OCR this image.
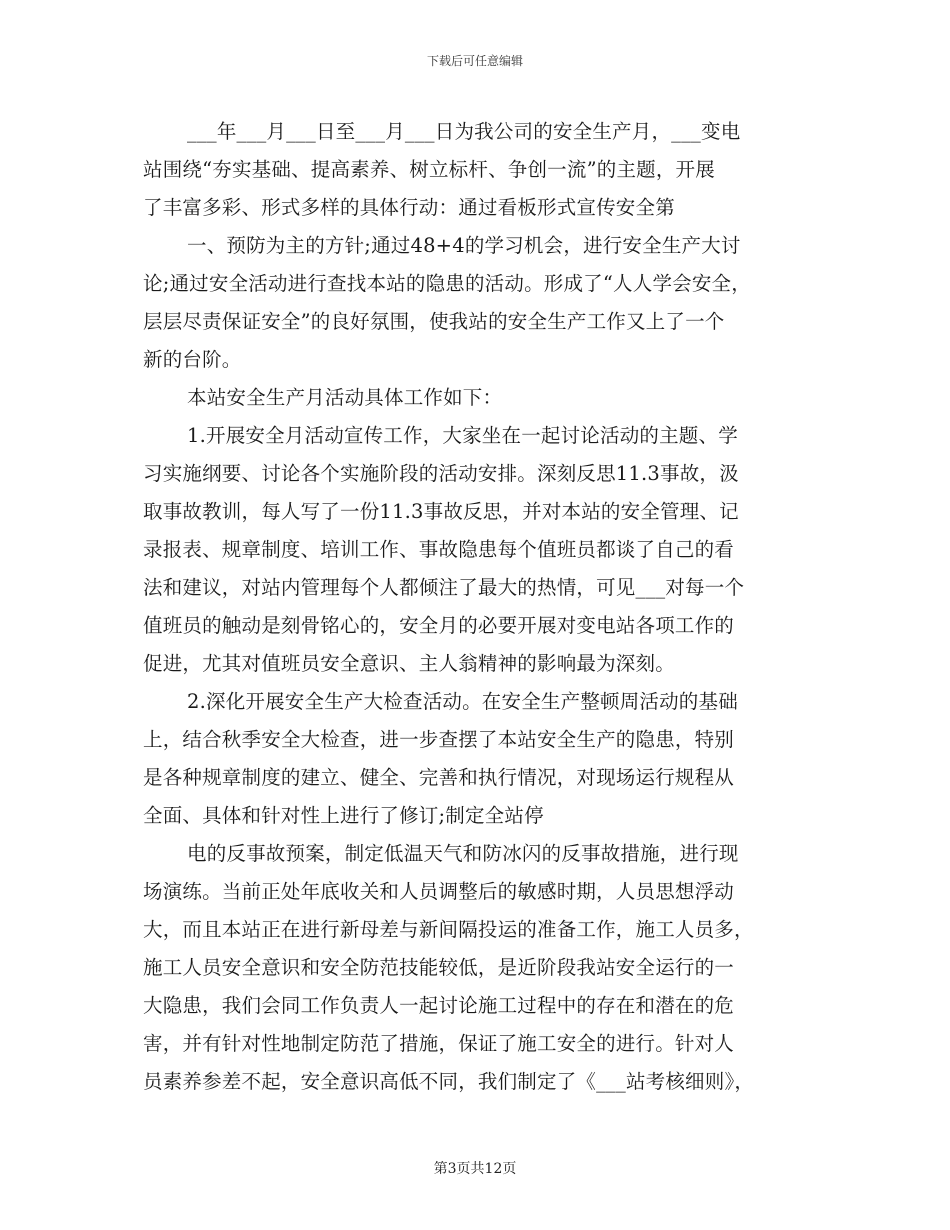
下载后可任意编辑
___年___月___日至___月___日为我公司的安全生产月，___变电
站围绕“夯实基础、提高素养、树立标杆、争创一流”的主题，开展
了丰富多彩、形式多样的具体行动：通过看板形式宣传安全第
一、预防为主的方针;通过48+4的学习机会，进行安全生产大讨
论;通过安全活动进行查找本站的隐患的活动。形成了“人人学会安全，
层层尽责保证安全”的良好氛围，使我站的安全生产工作又上了一个
新的台阶。
本站安全生产月活动具体工作如下：
1.开展安全月活动宣传工作，大家坐在一起讨论活动的主题、学
习实施纲要、讨论各个实施阶段的活动安排。深刻反思11.3事故，汲
取事故教训，每人写了一份11.3事故反思，并对本站的安全管理、记
录报表、规章制度、培训工作、事故隐患每个值班员都谈了自己的看
法和建议，对站内管理每个人都倾注了最大的热情，可见___对每一个
值班员的触动是刻骨铭心的，安全月的必要开展对变电站各项工作的
促进，尤其对值班员安全意识、主人翁精神的影响最为深刻。
2.深化开展安全生产大检查活动。在安全生产整顿周活动的基础
上，结合秋季安全大检查，进一步查摆了本站安全生产的隐患，特别
是各种规章制度的建立、健全、完善和执行情况，对现场运行规程从
全面、具体和针对性上进行了修订;制定全站停
电的反事故预案，制定低温天气和防冰闪的反事故措施，进行现
场演练。当前正处年底收关和人员调整后的敏感时期，人员思想浮动
大，而且本站正在进行新母差与新间隔投运的准备工作，施工人员多，
施工人员安全意识和安全防范技能较低，是近阶段我站安全运行的一
大隐患，我们会同工作负责人一起讨论施工过程中的存在和潜在的危
害，并有针对性地制定防范了措施，保证了施工安全的进行。针对人
员素养参差不起，安全意识高低不同，我们制定了《___站考核细则》，
第3页共12页
